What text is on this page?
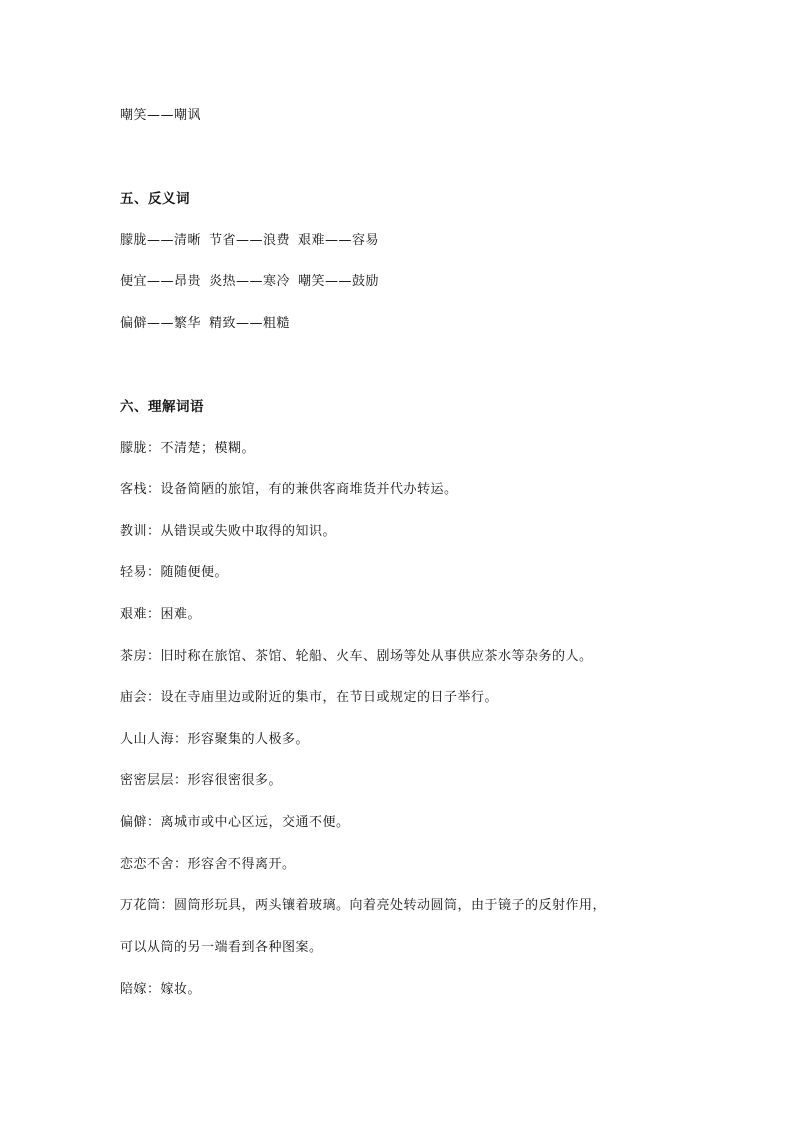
嘲笑——嘲讽
五、反义词
朦胧——清晰 节省——浪费 艰难——容易
便宜——昂贵 炎热——寒冷 嘲笑——鼓励
偏僻——繁华 精致——粗糙
六、理解词语
朦胧：不清楚；模糊。
客栈：设备简陋的旅馆，有的兼供客商堆货并代办转运。
教训：从错误或失败中取得的知识。
轻易：随随便便。
艰难：困难。
茶房：旧时称在旅馆、茶馆、轮船、火车、剧场等处从事供应茶水等杂务的人。
庙会：设在寺庙里边或附近的集市，在节日或规定的日子举行。
人山人海：形容聚集的人极多。
密密层层：形容很密很多。
偏僻：离城市或中心区远，交通不便。
恋恋不舍：形容舍不得离开。
万花筒：圆筒形玩具，两头镶着玻璃。向着亮处转动圆筒，由于镜子的反射作用，
可以从筒的另一端看到各种图案。
陪嫁：嫁妆。
